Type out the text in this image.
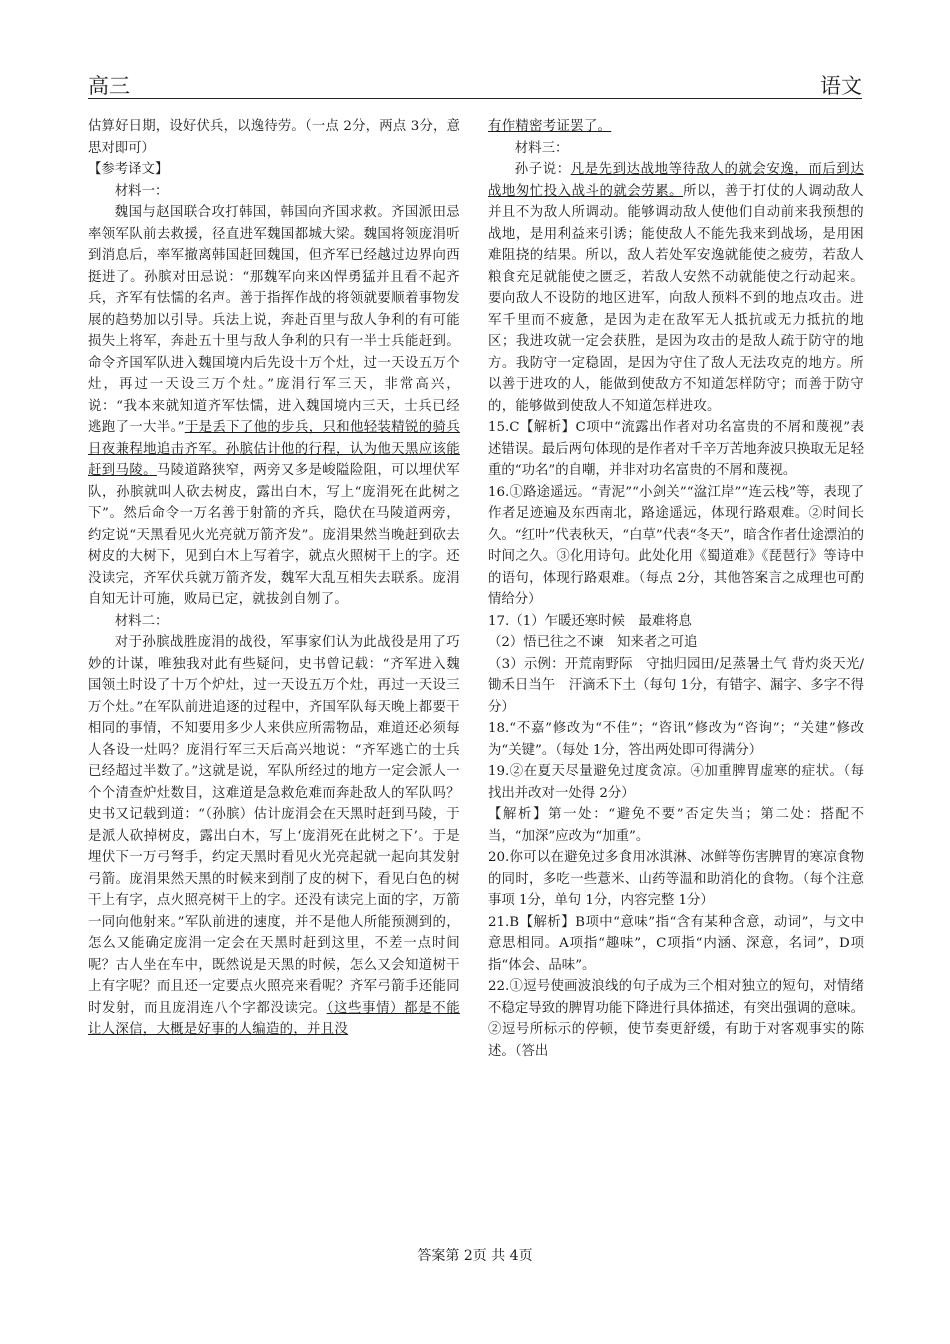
高三	语文

估算好日期，设好伏兵，以逸待劳。（一点 2分，两点 3分，意思对即可）

【参考译文】

材料一：

魏国与赵国联合攻打韩国，韩国向齐国求救。齐国派田忌率领军队前去救援，径直进军魏国都城大梁。魏国将领庞涓听到消息后，率军撤离韩国赶回魏国，但齐军已经越过边界向西挺进了。孙膑对田忌说：“那魏军向来凶悍勇猛并且看不起齐兵，齐军有怯懦的名声。善于指挥作战的将领就要顺着事物发展的趋势加以引导。兵法上说，奔赴百里与敌人争利的有可能损失上将军，奔赴五十里与敌人争利的只有一半士兵能赶到。命令齐国军队进入魏国境内后先设十万个灶，过一天设五万个灶，再过一天设三万个灶。”庞涓行军三天，非常高兴，说：“我本来就知道齐军怯懦，进入魏国境内三天，士兵已经逃跑了一大半。”于是丢下了他的步兵，只和他轻装精锐的骑兵日夜兼程地追击齐军。孙膑估计他的行程，认为他天黑应该能赶到马陵。马陵道路狭窄，两旁又多是峻隘险阻，可以埋伏军队，孙膑就叫人砍去树皮，露出白木，写上“庞涓死在此树之下”。然后命令一万名善于射箭的齐兵，隐伏在马陵道两旁，约定说“天黑看见火光亮就万箭齐发”。庞涓果然当晚赶到砍去树皮的大树下，见到白木上写着字，就点火照树干上的字。还没读完，齐军伏兵就万箭齐发，魏军大乱互相失去联系。庞涓自知无计可施，败局已定，就拔剑自刎了。

材料二：

对于孙膑战胜庞涓的战役，军事家们认为此战役是用了巧妙的计谋，唯独我对此有些疑问，史书曾记载：“齐军进入魏国领土时设了十万个炉灶，过一天设五万个灶，再过一天设三万个灶。”在军队前进追逐的过程中，齐国军队每天晚上都要干相同的事情，不知要用多少人来供应所需物品，难道还必须每人各设一灶吗？庞涓行军三天后高兴地说：“齐军逃亡的士兵已经超过半数了。”这就是说，军队所经过的地方一定会派人一个个清查炉灶数目，这难道是急救危难而奔赴敌人的军队吗？史书又记载到道：“（孙膑）估计庞涓会在天黑时赶到马陵，于是派人砍掉树皮，露出白木，写上‘庞涓死在此树之下’。于是埋伏下一万弓弩手，约定天黑时看见火光亮起就一起向其发射弓箭。庞涓果然天黑的时候来到削了皮的树下，看见白色的树干上有字，点火照亮树干上的字。还没有读完上面的字，万箭一同向他射来。”军队前进的速度，并不是他人所能预测到的，怎么又能确定庞涓一定会在天黑时赶到这里，不差一点时间呢？古人坐在车中，既然说是天黑的时候，怎么又会知道树干上有字呢？而且还一定要点火照亮来看呢？齐军弓箭手还能同时发射，而且庞涓连八个字都没读完。（这些事情）都是不能让人深信，大概是好事的人编造的，并且没

有作精密考证罢了。

材料三：

孙子说：凡是先到达战地等待敌人的就会安逸，而后到达战地匆忙投入战斗的就会劳累。所以，善于打仗的人调动敌人并且不为敌人所调动。能够调动敌人使他们自动前来我预想的战地，是用利益来引诱；能使敌人不能先我来到战场，是用困难阻挠的结果。所以，敌人若处军安逸就能使之疲劳，若敌人粮食充足就能使之匮乏，若敌人安然不动就能使之行动起来。要向敌人不设防的地区进军，向敌人预料不到的地点攻击。进军千里而不疲惫，是因为走在敌军无人抵抗或无力抵抗的地区；我进攻就一定会获胜，是因为攻击的是敌人疏于防守的地方。我防守一定稳固，是因为守住了敌人无法攻克的地方。所以善于进攻的人，能做到使敌方不知道怎样防守；而善于防守的，能够做到使敌人不知道怎样进攻。

15.C【解析】C项中“流露出作者对功名富贵的不屑和蔑视”表述错误。最后两句体现的是作者对千辛万苦地奔波只换取无足轻重的“功名”的自嘲，并非对功名富贵的不屑和蔑视。

16.①路途遥远。“青泥”“小剑关”“湓江岸”“连云栈”等，表现了作者足迹遍及东西南北，路途遥远，体现行路艰难。②时间长久。“红叶”代表秋天，“白草”代表“冬天”，暗含作者仕途漂泊的时间之久。③化用诗句。此处化用《蜀道难》《琵琶行》等诗中的语句，体现行路艰难。（每点 2分，其他答案言之成理也可酌情给分）

17.（1）乍暖还寒时候　最难将息

（2）悟已往之不谏　知来者之可追

（3）示例：开荒南野际　守拙归园田/足蒸暑土气 背灼炎天光/锄禾日当午　汗滴禾下土（每句 1分，有错字、漏字、多字不得分）

18.“不嘉”修改为“不佳”；“咨讯”修改为“咨询”；“关建”修改为“关键”。（每处 1分，答出两处即可得满分）

19.②在夏天尽量避免过度贪凉。④加重脾胃虚寒的症状。（每找出并改对一处得 2分）

【解析】第一处：“避免不要”否定失当；第二处：搭配不当，“加深”应改为“加重”。

20.你可以在避免过多食用冰淇淋、冰鲜等伤害脾胃的寒凉食物的同时，多吃一些薏米、山药等温和助消化的食物。（每个注意事项 1分，单句 1分，内容完整 1分）

21.B【解析】B项中“意味”指“含有某种含意，动词”，与文中意思相同。A项指“趣味”，C项指“内涵、深意，名词”，D项指“体会、品味”。

22.①逗号使画波浪线的句子成为三个相对独立的短句，对情绪不稳定导致的脾胃功能下降进行具体描述，有突出强调的意味。②逗号所标示的停顿，使节奏更舒缓，有助于对客观事实的陈述。（答出

答案第 2页 共 4页
